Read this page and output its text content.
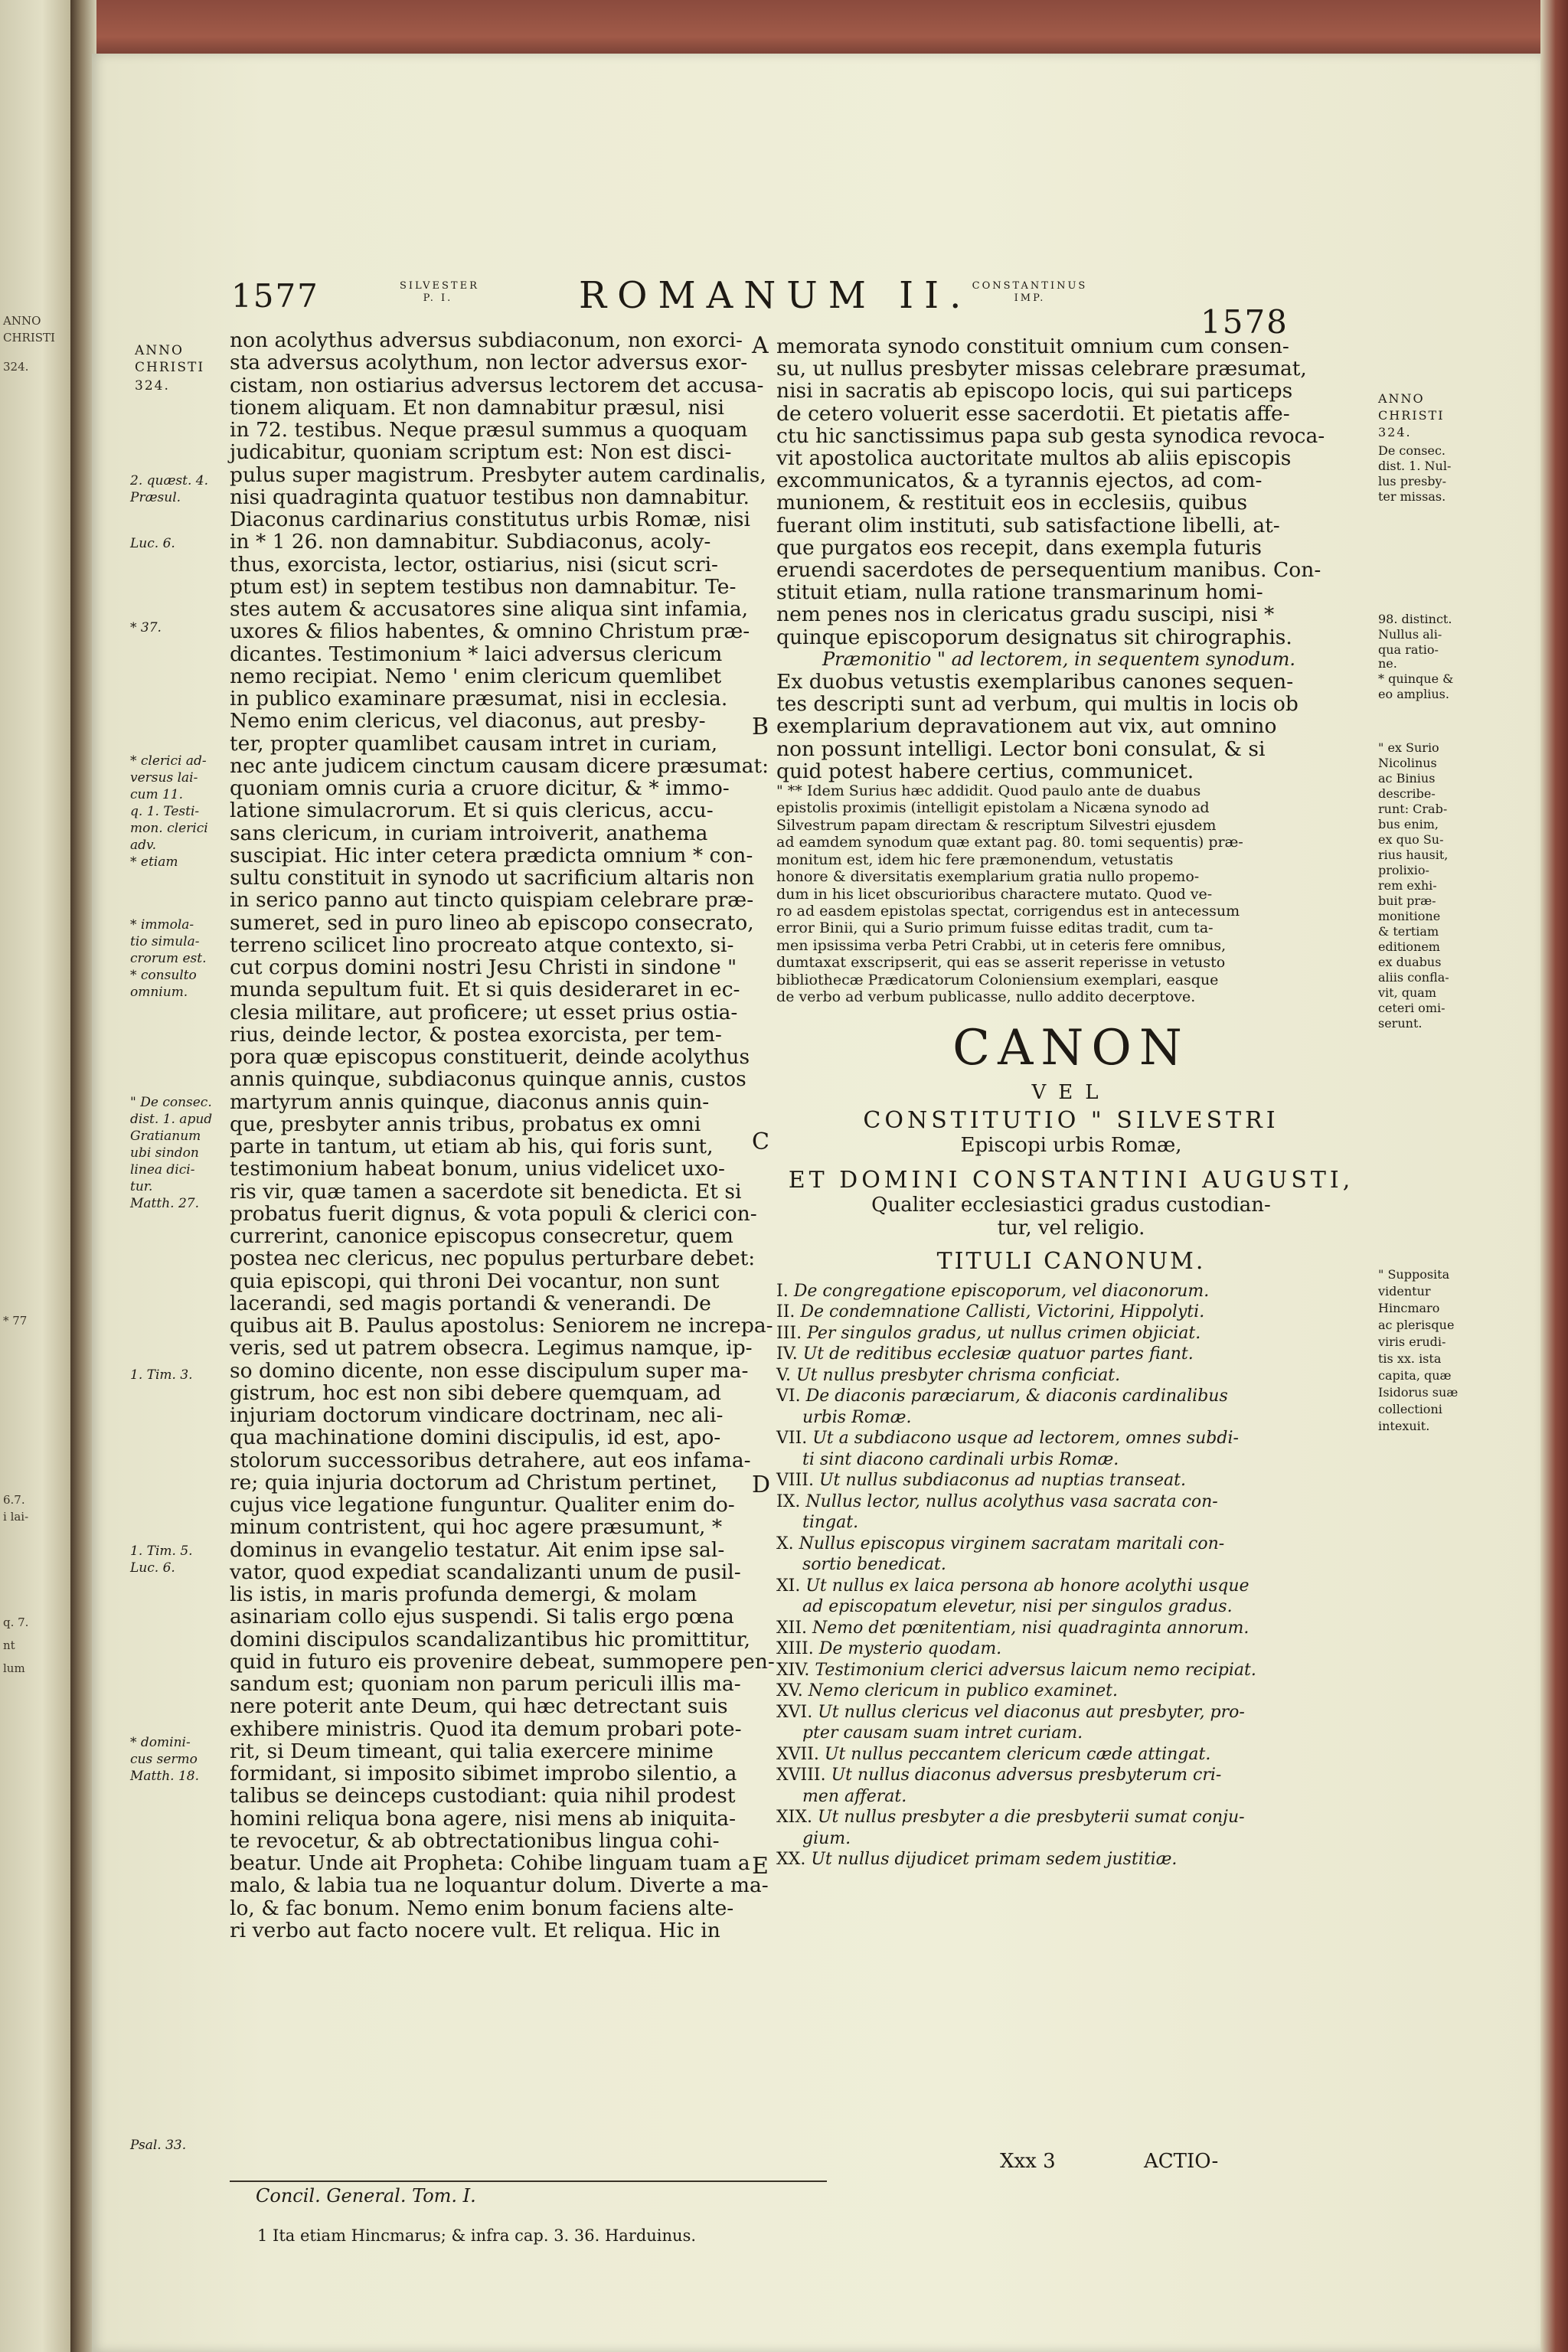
ANNO
CHRISTI
324.
* 77
6.7.
i lai-
q. 7.
nt
lum
1577	SILVESTER
P. I.	ROMANUM II. CONSTANTINUS
IMP.
1578
ANNO
CHRISTI
324.
2. quæst. 4.
Præsul.
Luc. 6.
* 37.
* clerici ad-
versus lai-
cum 11.
q. 1. Testi-
mon. clerici
adv.
* etiam
* immola-
tio simula-
crorum est.
* consulto
omnium.
" De consec.
dist. 1. apud
Gratianum
ubi sindon
linea dici-
tur.
Matth. 27.
1. Tim. 3.
1. Tim. 5.
Luc. 6.
* domini-
cus sermo
Matth. 18.
Psal. 33.
A
B
C
D
E
non acolythus adversus subdiaconum, non exorci-
sta adversus acolythum, non lector adversus exor-
cistam, non ostiarius adversus lectorem det accusa-
tionem aliquam. Et non damnabitur præsul, nisi
in 72. testibus. Neque præsul summus a quoquam
judicabitur, quoniam scriptum est: Non est disci-
pulus super magistrum. Presbyter autem cardinalis,
nisi quadraginta quatuor testibus non damnabitur.
Diaconus cardinarius constitutus urbis Romæ, nisi
in * 1 26. non damnabitur. Subdiaconus, acoly-
thus, exorcista, lector, ostiarius, nisi (sicut scri-
ptum est) in septem testibus non damnabitur. Te-
stes autem & accusatores sine aliqua sint infamia,
uxores & filios habentes, & omnino Christum præ-
dicantes. Testimonium * laici adversus clericum
nemo recipiat. Nemo ' enim clericum quemlibet
in publico examinare præsumat, nisi in ecclesia.
Nemo enim clericus, vel diaconus, aut presby-
ter, propter quamlibet causam intret in curiam,
nec ante judicem cinctum causam dicere præsumat:
quoniam omnis curia a cruore dicitur, & * immo-
latione simulacrorum. Et si quis clericus, accu-
sans clericum, in curiam introiverit, anathema
suscipiat. Hic inter cetera prædicta omnium * con-
sultu constituit in synodo ut sacrificium altaris non
in serico panno aut tincto quispiam celebrare præ-
sumeret, sed in puro lineo ab episcopo consecrato,
terreno scilicet lino procreato atque contexto, si-
cut corpus domini nostri Jesu Christi in sindone "
munda sepultum fuit. Et si quis desideraret in ec-
clesia militare, aut proficere; ut esset prius ostia-
rius, deinde lector, & postea exorcista, per tem-
pora quæ episcopus constituerit, deinde acolythus
annis quinque, subdiaconus quinque annis, custos
martyrum annis quinque, diaconus annis quin-
que, presbyter annis tribus, probatus ex omni
parte in tantum, ut etiam ab his, qui foris sunt,
testimonium habeat bonum, unius videlicet uxo-
ris vir, quæ tamen a sacerdote sit benedicta. Et si
probatus fuerit dignus, & vota populi & clerici con-
currerint, canonice episcopus consecretur, quem
postea nec clericus, nec populus perturbare debet:
quia episcopi, qui throni Dei vocantur, non sunt
lacerandi, sed magis portandi & venerandi. De
quibus ait B. Paulus apostolus: Seniorem ne increpa-
veris, sed ut patrem obsecra. Legimus namque, ip-
so domino dicente, non esse discipulum super ma-
gistrum, hoc est non sibi debere quemquam, ad
injuriam doctorum vindicare doctrinam, nec ali-
qua machinatione domini discipulis, id est, apo-
stolorum successoribus detrahere, aut eos infama-
re; quia injuria doctorum ad Christum pertinet,
cujus vice legatione funguntur. Qualiter enim do-
minum contristent, qui hoc agere præsumunt, *
dominus in evangelio testatur. Ait enim ipse sal-
vator, quod expediat scandalizanti unum de pusil-
lis istis, in maris profunda demergi, & molam
asinariam collo ejus suspendi. Si talis ergo pœna
domini discipulos scandalizantibus hic promittitur,
quid in futuro eis provenire debeat, summopere pen-
sandum est; quoniam non parum periculi illis ma-
nere poterit ante Deum, qui hæc detrectant suis
exhibere ministris. Quod ita demum probari pote-
rit, si Deum timeant, qui talia exercere minime
formidant, si imposito sibimet improbo silentio, a
talibus se deinceps custodiant: quia nihil prodest
homini reliqua bona agere, nisi mens ab iniquita-
te revocetur, & ab obtrectationibus lingua cohi-
beatur. Unde ait Propheta: Cohibe linguam tuam a
malo, & labia tua ne loquantur dolum. Diverte a ma-
lo, & fac bonum. Nemo enim bonum faciens alte-
ri verbo aut facto nocere vult. Et reliqua. Hic in
memorata synodo constituit omnium cum consen-
su, ut nullus presbyter missas celebrare præsumat,
nisi in sacratis ab episcopo locis, qui sui particeps
de cetero voluerit esse sacerdotii. Et pietatis affe-
ctu hic sanctissimus papa sub gesta synodica revoca-
vit apostolica auctoritate multos ab aliis episcopis
excommunicatos, & a tyrannis ejectos, ad com-
munionem, & restituit eos in ecclesiis, quibus
fuerant olim instituti, sub satisfactione libelli, at-
que purgatos eos recepit, dans exempla futuris
eruendi sacerdotes de persequentium manibus. Con-
stituit etiam, nulla ratione transmarinum homi-
nem penes nos in clericatus gradu suscipi, nisi *
quinque episcoporum designatus sit chirographis.
Præmonitio " ad lectorem, in sequentem synodum.
Ex duobus vetustis exemplaribus canones sequen-
tes descripti sunt ad verbum, qui multis in locis ob
exemplarium depravationem aut vix, aut omnino
non possunt intelligi. Lector boni consulat, & si
quid potest habere certius, communicet.
" ** Idem Surius hæc addidit. Quod paulo ante de duabus
epistolis proximis (intelligit epistolam a Nicæna synodo ad
Silvestrum papam directam & rescriptum Silvestri ejusdem
ad eamdem synodum quæ extant pag. 80. tomi sequentis) præ-
monitum est, idem hic fere præmonendum, vetustatis
honore & diversitatis exemplarium gratia nullo propemo-
dum in his licet obscurioribus charactere mutato. Quod ve-
ro ad easdem epistolas spectat, corrigendus est in antecessum
error Binii, qui a Surio primum fuisse editas tradit, cum ta-
men ipsissima verba Petri Crabbi, ut in ceteris fere omnibus,
dumtaxat exscripserit, qui eas se asserit reperisse in vetusto
bibliothecæ Prædicatorum Coloniensium exemplari, easque
de verbo ad verbum publicasse, nullo addito decerptove.
CANON
VEL
CONSTITUTIO " SILVESTRI
Episcopi urbis Romæ,
ET DOMINI CONSTANTINI AUGUSTI,
Qualiter ecclesiastici gradus custodian-
tur, vel religio.
TITULI CANONUM.
I. De congregatione episcoporum, vel diaconorum.
II. De condemnatione Callisti, Victorini, Hippolyti.
III. Per singulos gradus, ut nullus crimen objiciat.
IV. Ut de reditibus ecclesiæ quatuor partes fiant.
V. Ut nullus presbyter chrisma conficiat.
VI. De diaconis paræciarum, & diaconis cardinalibus
urbis Romæ.
VII. Ut a subdiacono usque ad lectorem, omnes subdi-
ti sint diacono cardinali urbis Romæ.
VIII. Ut nullus subdiaconus ad nuptias transeat.
IX. Nullus lector, nullus acolythus vasa sacrata con-
tingat.
X. Nullus episcopus virginem sacratam maritali con-
sortio benedicat.
XI. Ut nullus ex laica persona ab honore acolythi usque
ad episcopatum elevetur, nisi per singulos gradus.
XII. Nemo det pœnitentiam, nisi quadraginta annorum.
XIII. De mysterio quodam.
XIV. Testimonium clerici adversus laicum nemo recipiat.
XV. Nemo clericum in publico examinet.
XVI. Ut nullus clericus vel diaconus aut presbyter, pro-
pter causam suam intret curiam.
XVII. Ut nullus peccantem clericum cæde attingat.
XVIII. Ut nullus diaconus adversus presbyterum cri-
men afferat.
XIX. Ut nullus presbyter a die presbyterii sumat conju-
gium.
XX. Ut nullus dijudicet primam sedem justitiæ.
ANNO
CHRISTI
324.
De consec.
dist. 1. Nul-
lus presby-
ter missas.
98. distinct.
Nullus ali-
qua ratio-
ne.
* quinque &
eo amplius.
" ex Surio
Nicolinus
ac Binius
describe-
runt: Crab-
bus enim,
ex quo Su-
rius hausit,
prolixio-
rem exhi-
buit præ-
monitione
& tertiam
editionem
ex duabus
aliis confla-
vit, quam
ceteri omi-
serunt.
" Supposita
videntur
Hincmaro
ac plerisque
viris erudi-
tis xx. ista
capita, quæ
Isidorus suæ
collectioni
intexuit.
Concil. General. Tom. I.
Xxx 3	ACTIO-
1 Ita etiam Hincmarus; & infra cap. 3. 36. Harduinus.
